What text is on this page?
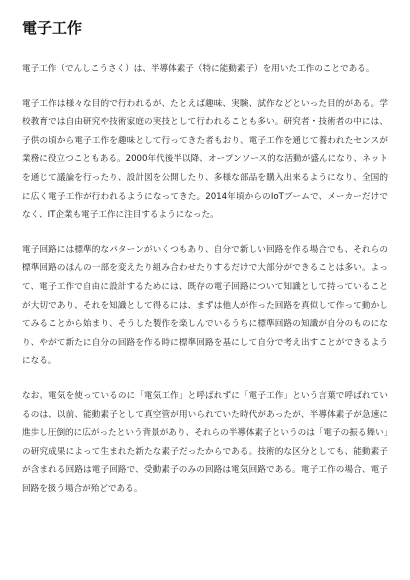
電子工作

電子工作（でんしこうさく）は、半導体素子（特に能動素子）を用いた工作のことである。

電子工作は様々な目的で行われるが、たとえば趣味、実験、試作などといった目的がある。学校教育では自由研究や技術家庭の実技として行われることも多い。研究者・技術者の中には、子供の頃から電子工作を趣味として行ってきた者もおり、電子工作を通じて養われたセンスが業務に役立つこともある。2000年代後半以降、オープンソース的な活動が盛んになり、ネットを通じて議論を行ったり、設計図を公開したり、多様な部品を購入出来るようになり、全国的に広く電子工作が行われるようになってきた。2014年頃からのIoTブームで、メーカーだけでなく、IT企業も電子工作に注目するようになった。

電子回路には標準的なパターンがいくつもあり、自分で新しい回路を作る場合でも、それらの標準回路のほんの一部を変えたり組み合わせたりするだけで大部分ができることは多い。よって、電子工作で自由に設計するためには、既存の電子回路について知識として持っていることが大切であり、それを知識として得るには、まずは他人が作った回路を真似して作って動かしてみることから始まり、そうした製作を楽しんでいるうちに標準回路の知識が自分のものになり、やがて新たに自分の回路を作る時に標準回路を基にして自分で考え出すことができるようになる。

なお、電気を使っているのに「電気工作」と呼ばれずに「電子工作」という言葉で呼ばれているのは、以前、能動素子として真空管が用いられていた時代があったが、半導体素子が急速に進歩し圧倒的に広がったという背景があり、それらの半導体素子というのは「電子の振る舞い」の研究成果によって生まれた新たな素子だったからである。技術的な区分としても、能動素子が含まれる回路は電子回路で、受動素子のみの回路は電気回路である。電子工作の場合、電子回路を扱う場合が殆どである。
